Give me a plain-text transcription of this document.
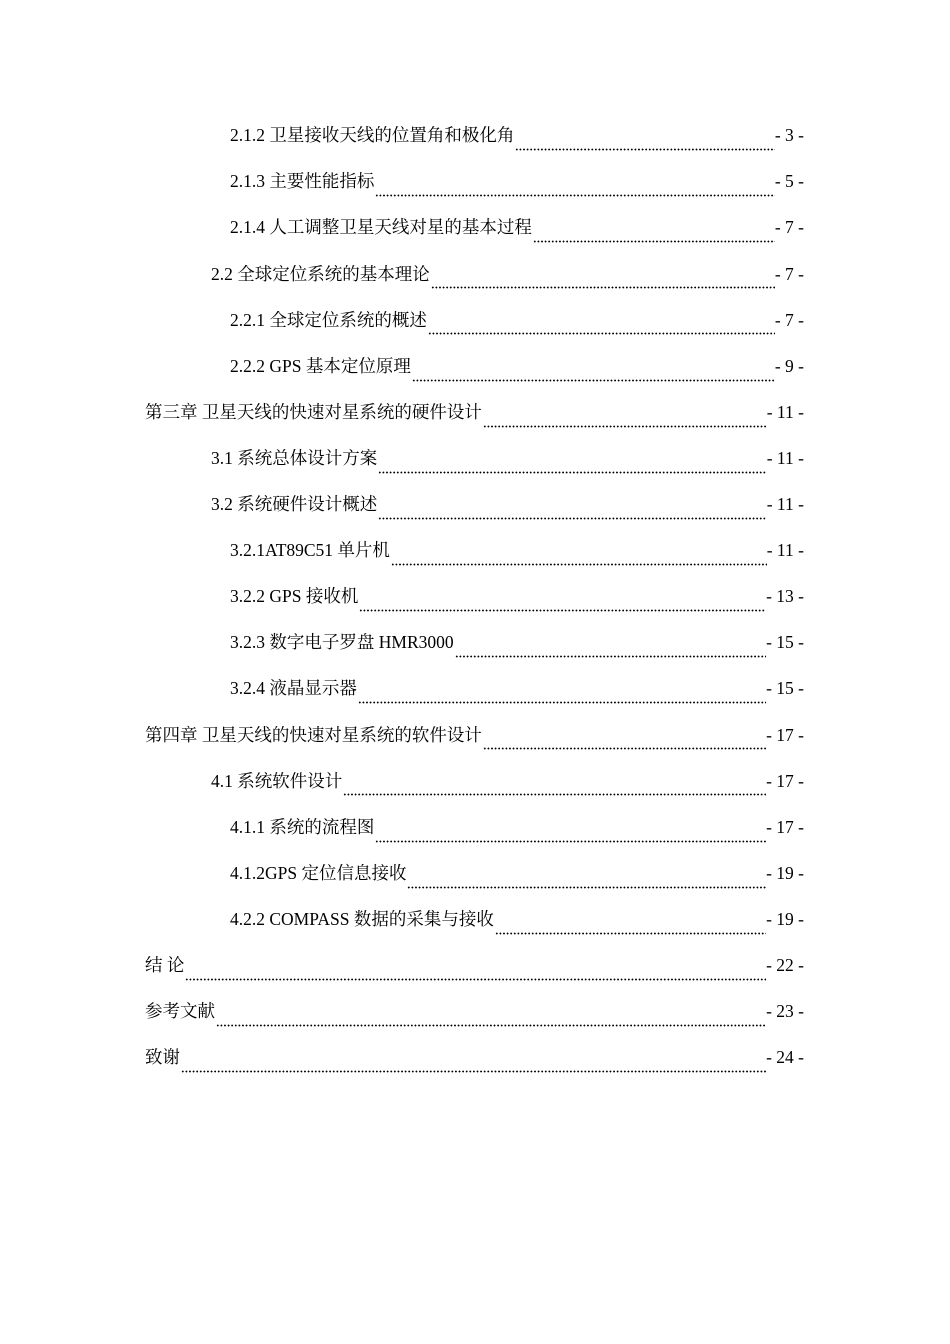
2.1.2 卫星接收天线的位置角和极化角	- 3 -
2.1.3 主要性能指标	- 5 -
2.1.4 人工调整卫星天线对星的基本过程	- 7 -
2.2 全球定位系统的基本理论	- 7 -
2.2.1 全球定位系统的概述	- 7 -
2.2.2 GPS 基本定位原理	- 9 -
第三章 卫星天线的快速对星系统的硬件设计	- 11 -
3.1 系统总体设计方案	- 11 -
3.2 系统硬件设计概述	- 11 -
3.2.1AT89C51 单片机	- 11 -
3.2.2 GPS 接收机	- 13 -
3.2.3 数字电子罗盘 HMR3000	- 15 -
3.2.4 液晶显示器	- 15 -
第四章 卫星天线的快速对星系统的软件设计	- 17 -
4.1 系统软件设计	- 17 -
4.1.1 系统的流程图	- 17 -
4.1.2GPS 定位信息接收	- 19 -
4.2.2 COMPASS 数据的采集与接收	- 19 -
结 论	- 22 -
参考文献	- 23 -
致谢	- 24 -
